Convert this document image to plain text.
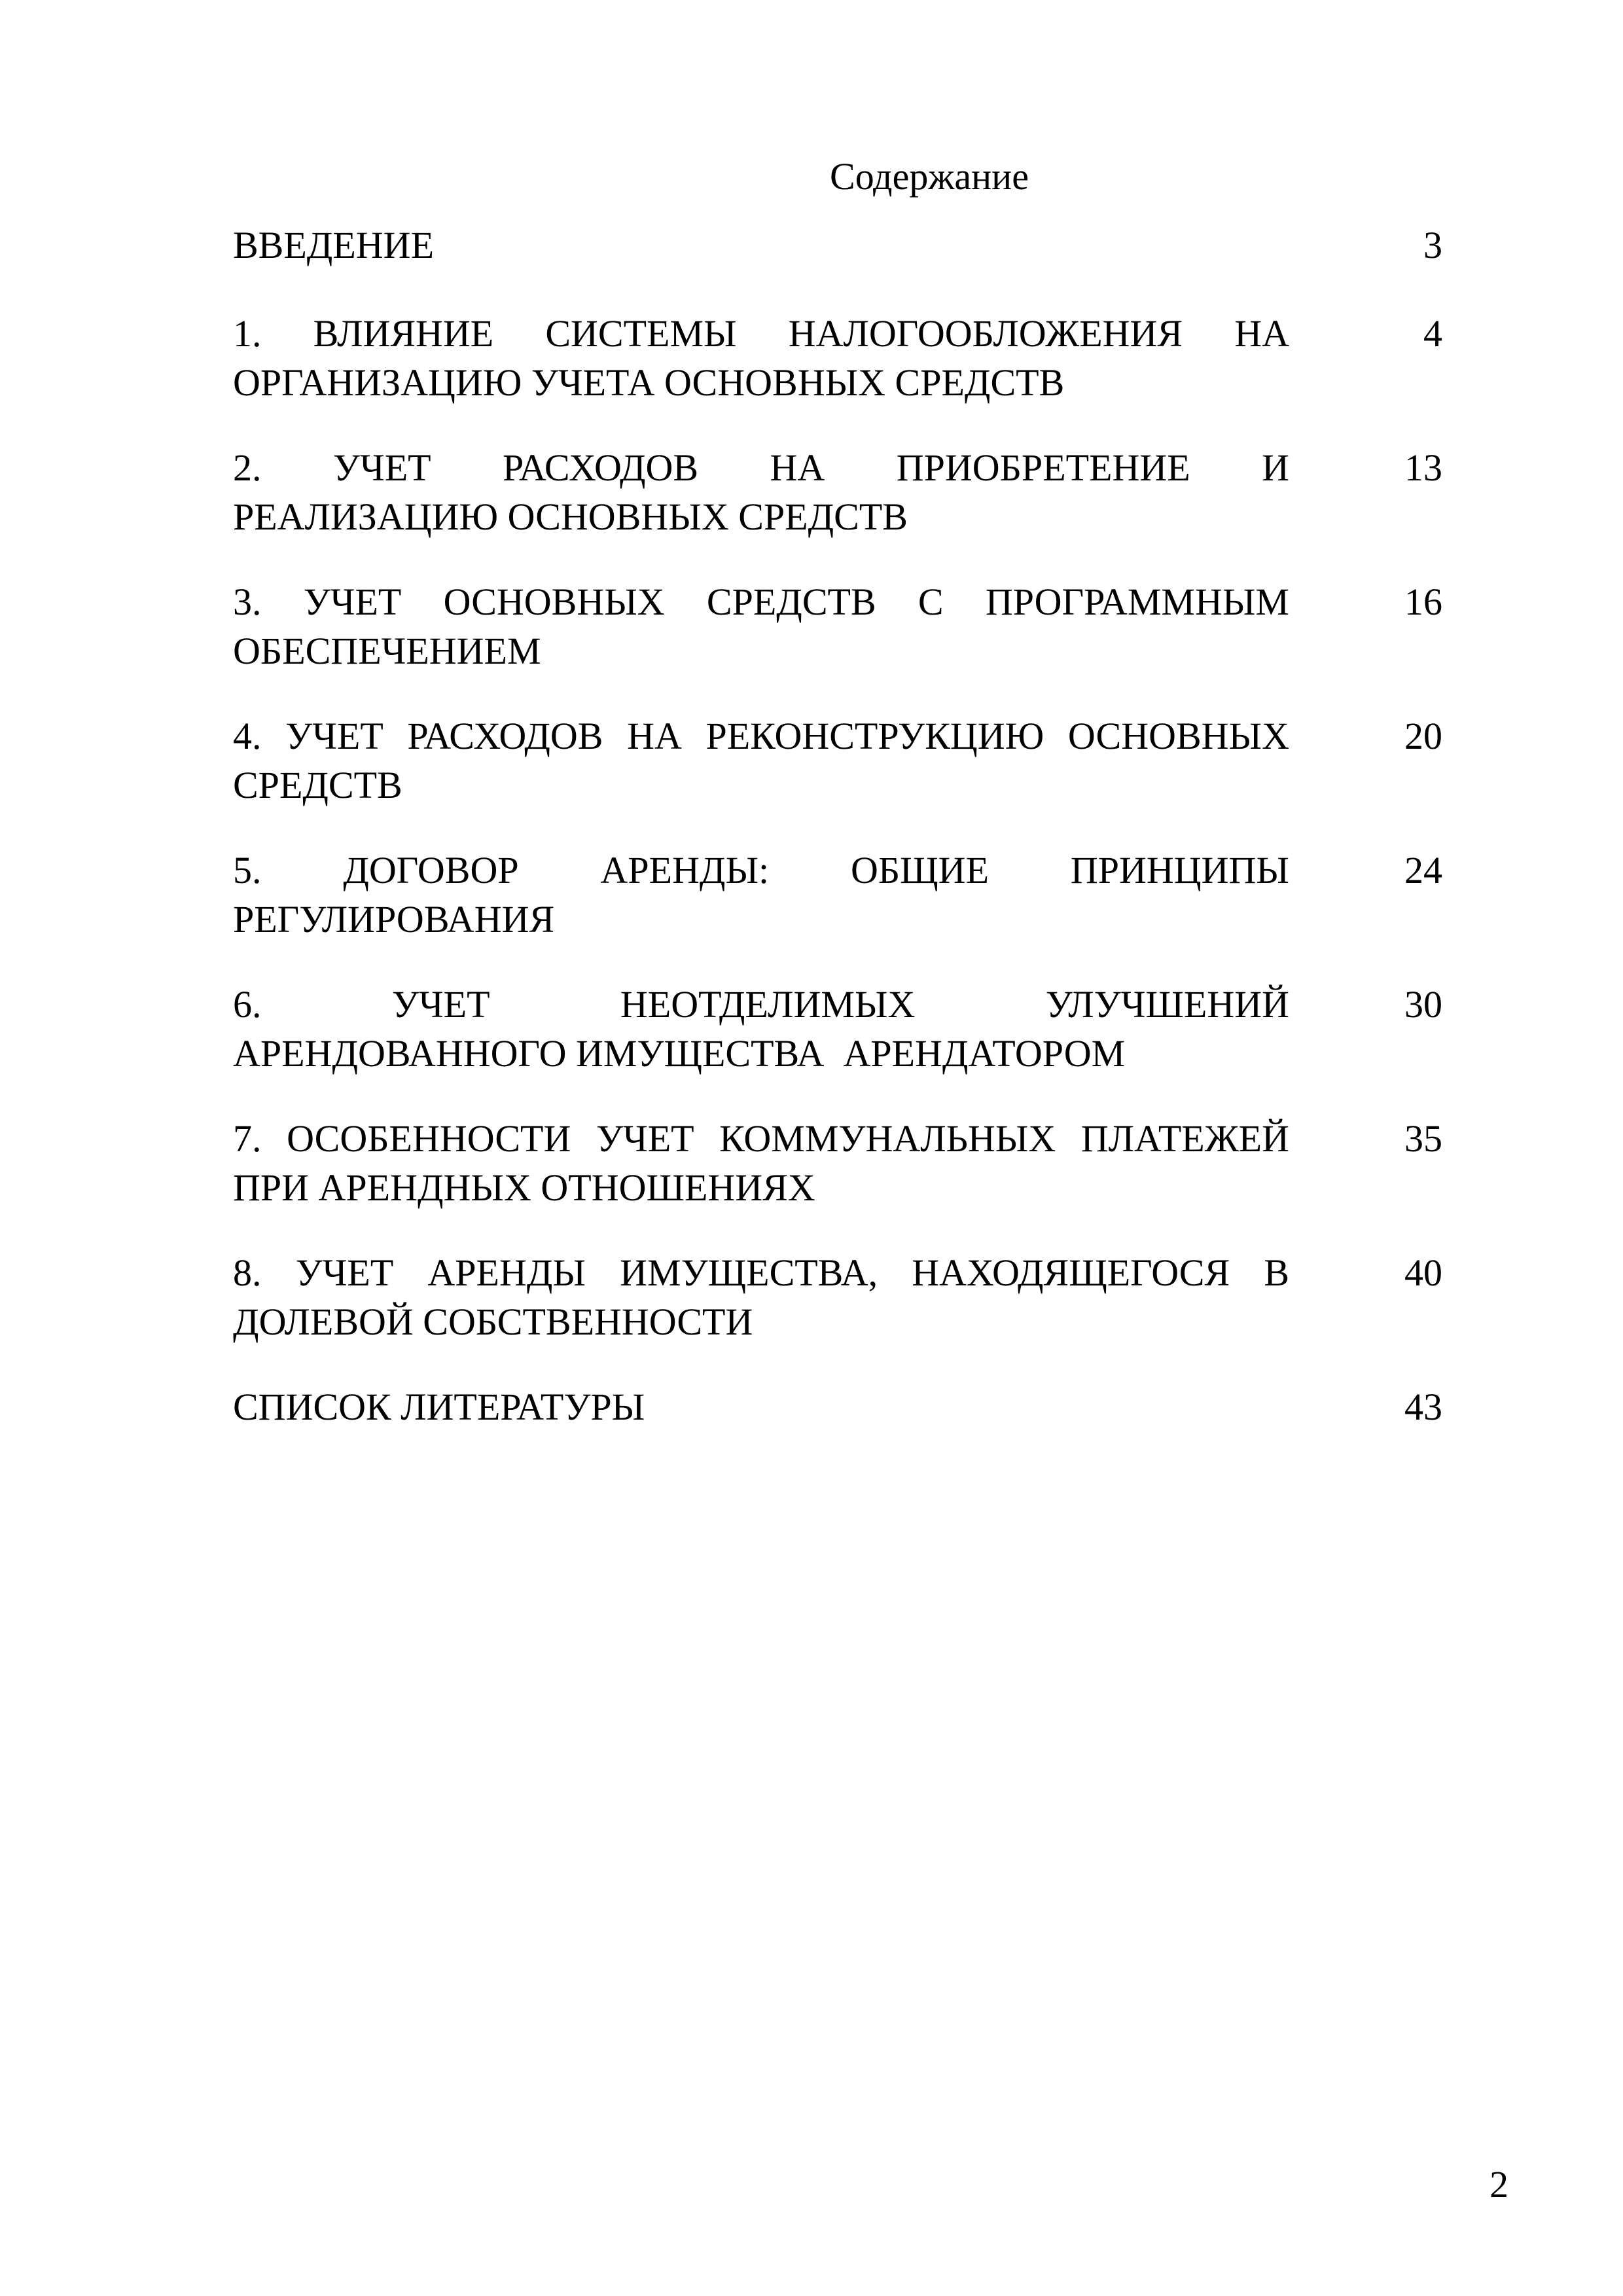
Содержание
ВВЕДЕНИЕ	3
1. ВЛИЯНИЕ СИСТЕМЫ НАЛОГООБЛОЖЕНИЯ НА
ОРГАНИЗАЦИЮ УЧЕТА ОСНОВНЫХ СРЕДСТВ
4
2. УЧЕТ РАСХОДОВ НА ПРИОБРЕТЕНИЕ И
РЕАЛИЗАЦИЮ ОСНОВНЫХ СРЕДСТВ
13
3. УЧЕТ ОСНОВНЫХ СРЕДСТВ С ПРОГРАММНЫМ
ОБЕСПЕЧЕНИЕМ
16
4. УЧЕТ РАСХОДОВ НА РЕКОНСТРУКЦИЮ ОСНОВНЫХ
СРЕДСТВ
20
5. ДОГОВОР АРЕНДЫ: ОБЩИЕ ПРИНЦИПЫ
РЕГУЛИРОВАНИЯ
24
6. УЧЕТ НЕОТДЕЛИМЫХ УЛУЧШЕНИЙ
АРЕНДОВАННОГО ИМУЩЕСТВА  АРЕНДАТОРОМ
30
7. ОСОБЕННОСТИ УЧЕТ КОММУНАЛЬНЫХ ПЛАТЕЖЕЙ
ПРИ АРЕНДНЫХ ОТНОШЕНИЯХ
35
8. УЧЕТ АРЕНДЫ ИМУЩЕСТВА, НАХОДЯЩЕГОСЯ В
ДОЛЕВОЙ СОБСТВЕННОСТИ
40
СПИСОК ЛИТЕРАТУРЫ	43
2
